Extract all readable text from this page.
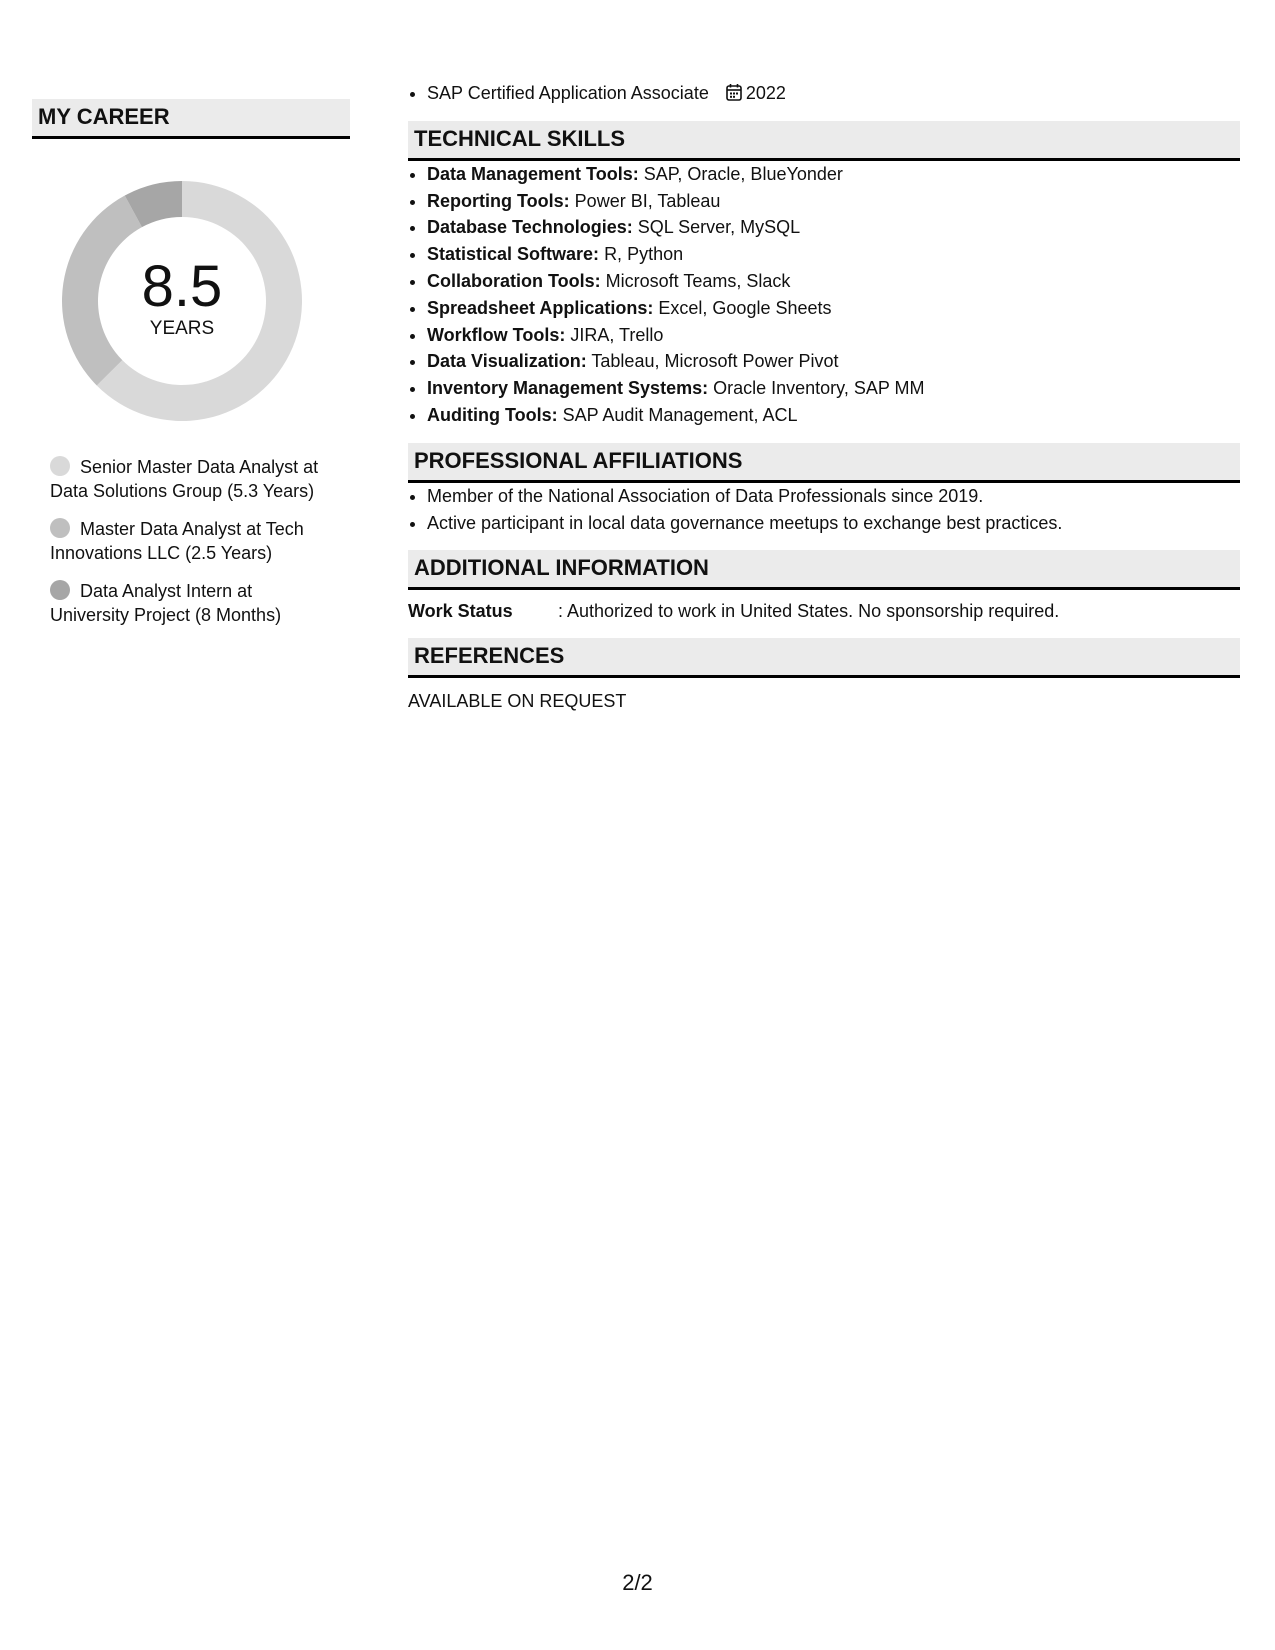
MY CAREER
8.5
YEARS
Senior Master Data Analyst at Data Solutions Group (5.3 Years)
Master Data Analyst at Tech Innovations LLC (2.5 Years)
Data Analyst Intern at University Project (8 Months)
• SAP Certified Application Associate 2022
TECHNICAL SKILLS
• Data Management Tools: SAP, Oracle, BlueYonder
• Reporting Tools: Power BI, Tableau
• Database Technologies: SQL Server, MySQL
• Statistical Software: R, Python
• Collaboration Tools: Microsoft Teams, Slack
• Spreadsheet Applications: Excel, Google Sheets
• Workflow Tools: JIRA, Trello
• Data Visualization: Tableau, Microsoft Power Pivot
• Inventory Management Systems: Oracle Inventory, SAP MM
• Auditing Tools: SAP Audit Management, ACL
PROFESSIONAL AFFILIATIONS
• Member of the National Association of Data Professionals since 2019.
• Active participant in local data governance meetups to exchange best practices.
ADDITIONAL INFORMATION
Work Status	: Authorized to work in United States. No sponsorship required.
REFERENCES
AVAILABLE ON REQUEST
2/2
